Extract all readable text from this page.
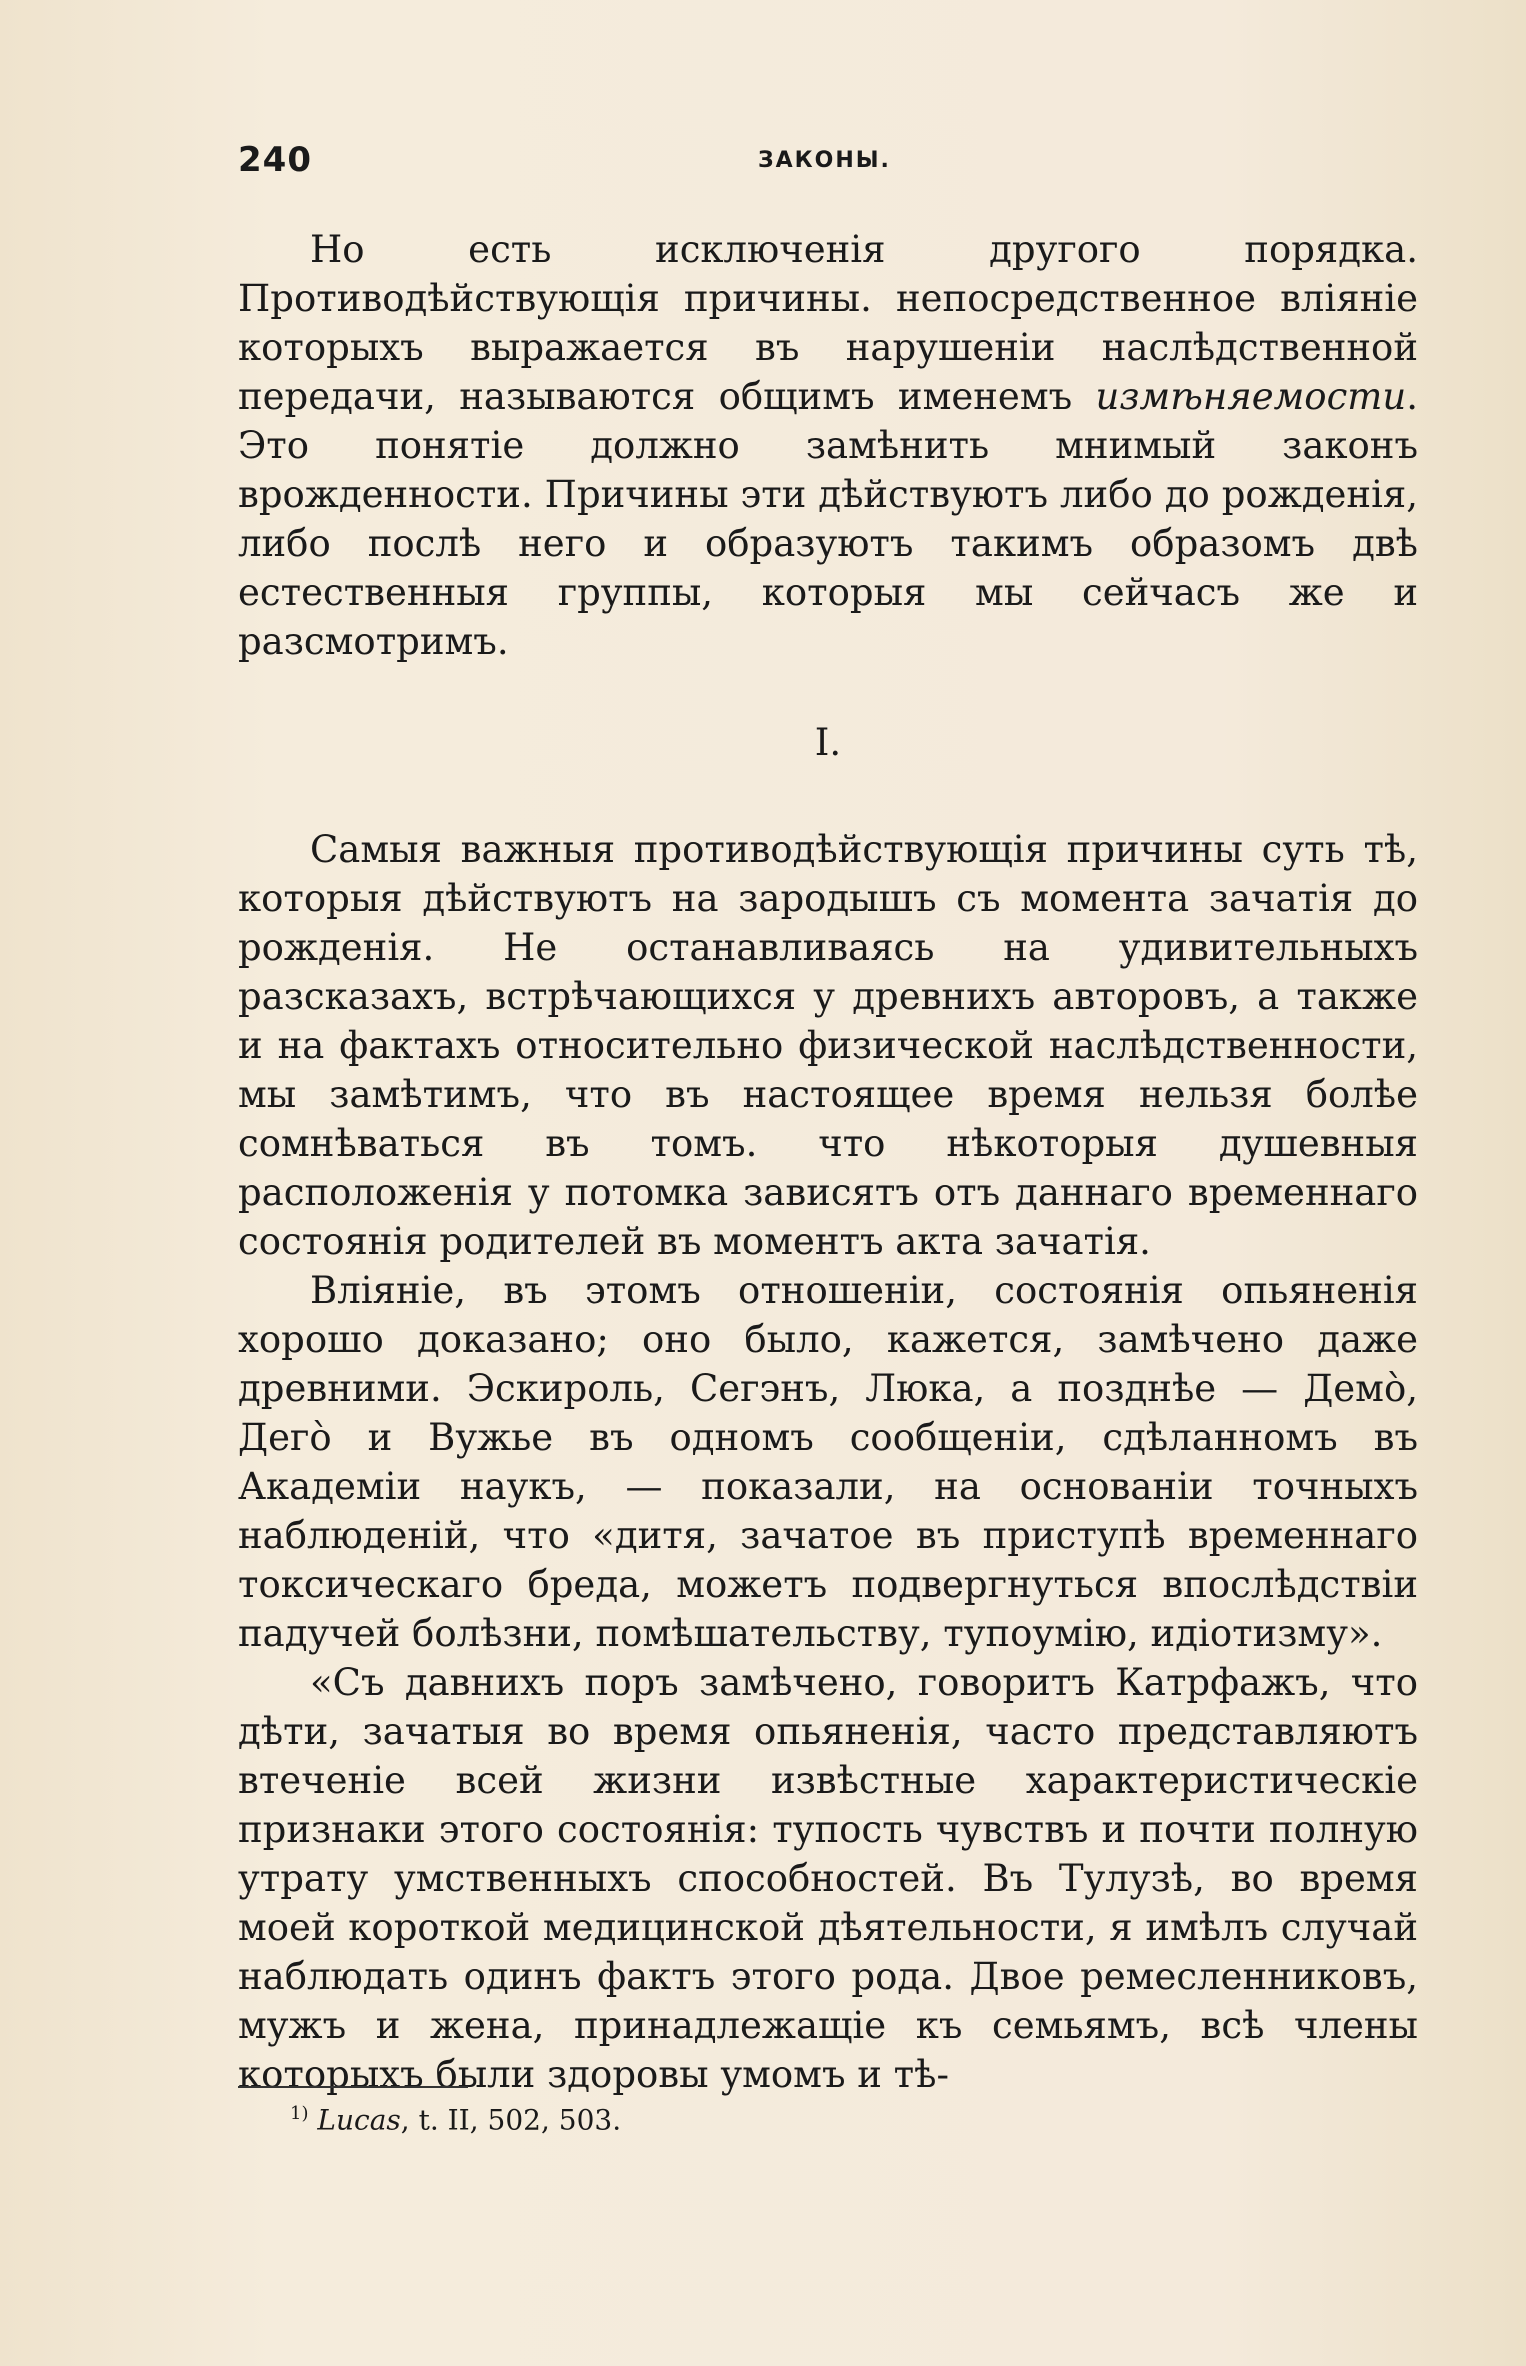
240	ЗАКОНЫ.

Но есть исключенія другого порядка. Противодѣйствующія причины. непосредственное вліяніе которыхъ выражается въ нарушеніи наслѣдственной передачи, называются общимъ именемъ измѣняемости. Это понятіе должно замѣнить мнимый законъ врожденности. Причины эти дѣйствуютъ либо до рожденія, либо послѣ него и образуютъ такимъ образомъ двѣ естественныя группы, которыя мы сейчасъ же и разсмотримъ.

I.

Самыя важныя противодѣйствующія причины суть тѣ, которыя дѣйствуютъ на зародышъ съ момента зачатія до рожденія. Не останавливаясь на удивительныхъ разсказахъ, встрѣчающихся у древнихъ авторовъ, а также и на фактахъ относительно физической наслѣдственности, мы замѣтимъ, что въ настоящее время нельзя болѣе сомнѣваться въ томъ. что нѣкоторыя душевныя расположенія у потомка зависятъ отъ даннаго временнаго состоянія родителей въ моментъ акта зачатія.

Вліяніе, въ этомъ отношеніи, состоянія опьяненія хорошо доказано; оно было, кажется, замѣчено даже древними. Эскироль, Сегэнъ, Люка, а позднѣе — Демò, Дегò и Вужье въ одномъ сообщеніи, сдѣланномъ въ Академіи наукъ, — показали, на основаніи точныхъ наблюденій, что «дитя, зачатое въ приступѣ временнаго токсическаго бреда, можетъ подвергнуться впослѣдствіи падучей болѣзни, помѣшательству, тупоумію, идіотизму».

«Съ давнихъ поръ замѣчено, говоритъ Катрфажъ, что дѣти, зачатыя во время опьяненія, часто представляютъ втеченіе всей жизни извѣстные характеристическіе признаки этого состоянія: тупость чувствъ и почти полную утрату умственныхъ способностей. Въ Тулузѣ, во время моей короткой медицинской дѣятельности, я имѣлъ случай наблюдать одинъ фактъ этого рода. Двое ремесленниковъ, мужъ и жена, принадлежащіе къ семьямъ, всѣ члены которыхъ были здоровы умомъ и тѣ-

$^{1)}$ Lucas, t. II, 502, 503.
